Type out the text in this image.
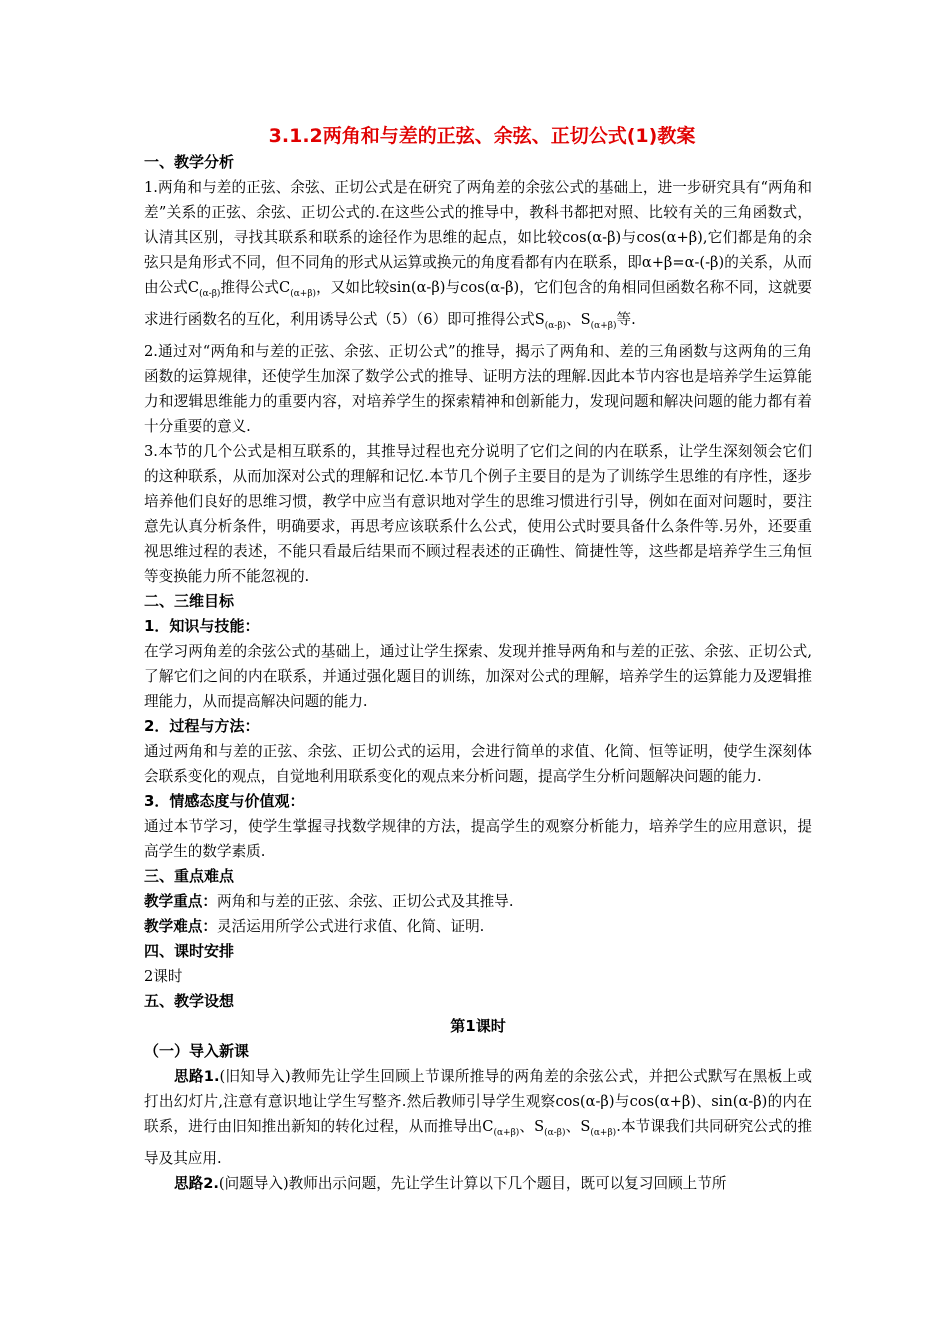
3.1.2两角和与差的正弦、余弦、正切公式(1)教案
一、教学分析
1.两角和与差的正弦、余弦、正切公式是在研究了两角差的余弦公式的基础上，进一步研究具有“两角和差”关系的正弦、余弦、正切公式的.在这些公式的推导中，教科书都把对照、比较有关的三角函数式，认清其区别，寻找其联系和联系的途径作为思维的起点，如比较cos(α-β)与cos(α+β),它们都是角的余弦只是角形式不同，但不同角的形式从运算或换元的角度看都有内在联系，即α+β=α-(-β)的关系，从而由公式$C_{(\alpha-\beta)}$推得公式$C_{(\alpha+\beta)}$，又如比较sin(α-β)与cos(α-β)，它们包含的角相同但函数名称不同，这就要求进行函数名的互化，利用诱导公式（5）（6）即可推得公式$S_{(\alpha-\beta)}$、$S_{(\alpha+\beta)}$等.
2.通过对“两角和与差的正弦、余弦、正切公式”的推导，揭示了两角和、差的三角函数与这两角的三角函数的运算规律，还使学生加深了数学公式的推导、证明方法的理解.因此本节内容也是培养学生运算能力和逻辑思维能力的重要内容，对培养学生的探索精神和创新能力，发现问题和解决问题的能力都有着十分重要的意义.
3.本节的几个公式是相互联系的，其推导过程也充分说明了它们之间的内在联系，让学生深刻领会它们的这种联系，从而加深对公式的理解和记忆.本节几个例子主要目的是为了训练学生思维的有序性，逐步培养他们良好的思维习惯，教学中应当有意识地对学生的思维习惯进行引导，例如在面对问题时，要注意先认真分析条件，明确要求，再思考应该联系什么公式，使用公式时要具备什么条件等.另外，还要重视思维过程的表述，不能只看最后结果而不顾过程表述的正确性、简捷性等，这些都是培养学生三角恒等变换能力所不能忽视的.
二、三维目标
1．知识与技能：
在学习两角差的余弦公式的基础上，通过让学生探索、发现并推导两角和与差的正弦、余弦、正切公式,了解它们之间的内在联系，并通过强化题目的训练，加深对公式的理解，培养学生的运算能力及逻辑推理能力，从而提高解决问题的能力.
2．过程与方法：
通过两角和与差的正弦、余弦、正切公式的运用，会进行简单的求值、化简、恒等证明，使学生深刻体会联系变化的观点，自觉地利用联系变化的观点来分析问题，提高学生分析问题解决问题的能力.
3．情感态度与价值观：
通过本节学习，使学生掌握寻找数学规律的方法，提高学生的观察分析能力，培养学生的应用意识，提高学生的数学素质.
三、重点难点
教学重点：两角和与差的正弦、余弦、正切公式及其推导.
教学难点：灵活运用所学公式进行求值、化简、证明.
四、课时安排
2课时
五、教学设想
第1课时
（一）导入新课
思路1.(旧知导入)教师先让学生回顾上节课所推导的两角差的余弦公式，并把公式默写在黑板上或打出幻灯片,注意有意识地让学生写整齐.然后教师引导学生观察cos(α-β)与cos(α+β)、sin(α-β)的内在联系，进行由旧知推出新知的转化过程，从而推导出$C_{(\alpha+\beta)}$、$S_{(\alpha-\beta)}$、$S_{(\alpha+\beta)}$.本节课我们共同研究公式的推导及其应用.
思路2.(问题导入)教师出示问题，先让学生计算以下几个题目，既可以复习回顾上节所
